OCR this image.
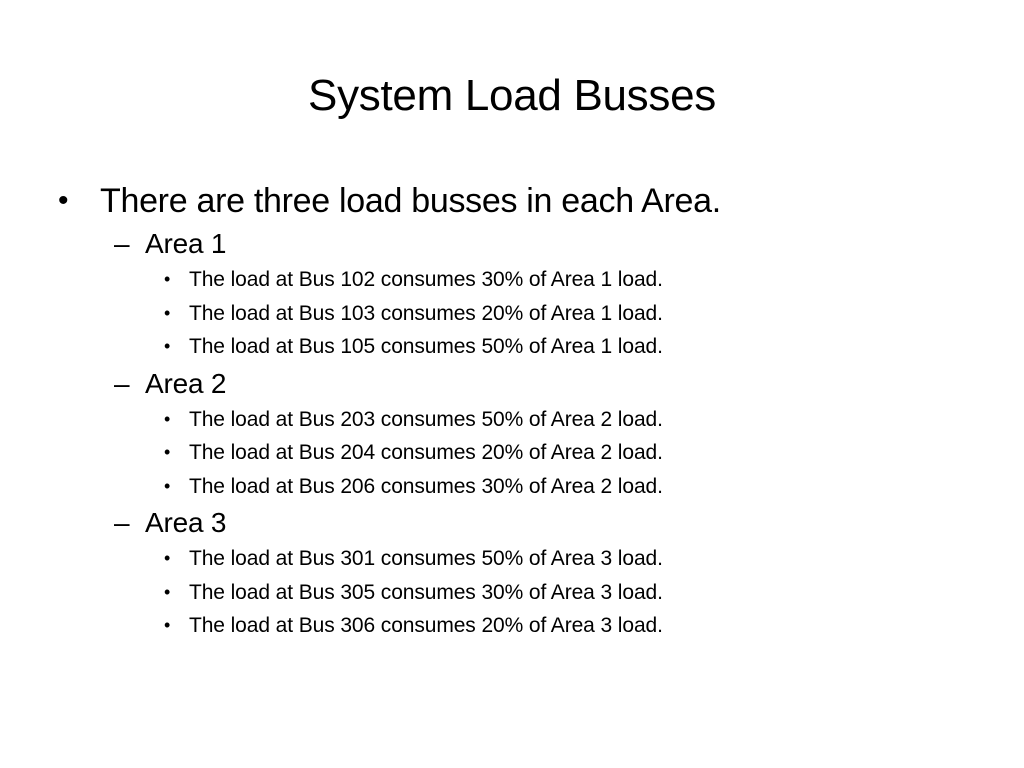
System Load Busses
• There are three load busses in each Area.
– Area 1
• The load at Bus 102 consumes 30% of Area 1 load.
• The load at Bus 103 consumes 20% of Area 1 load.
• The load at Bus 105 consumes 50% of Area 1 load.
– Area 2
• The load at Bus 203 consumes 50% of Area 2 load.
• The load at Bus 204 consumes 20% of Area 2 load.
• The load at Bus 206 consumes 30% of Area 2 load.
– Area 3
• The load at Bus 301 consumes 50% of Area 3 load.
• The load at Bus 305 consumes 30% of Area 3 load.
• The load at Bus 306 consumes 20% of Area 3 load.
